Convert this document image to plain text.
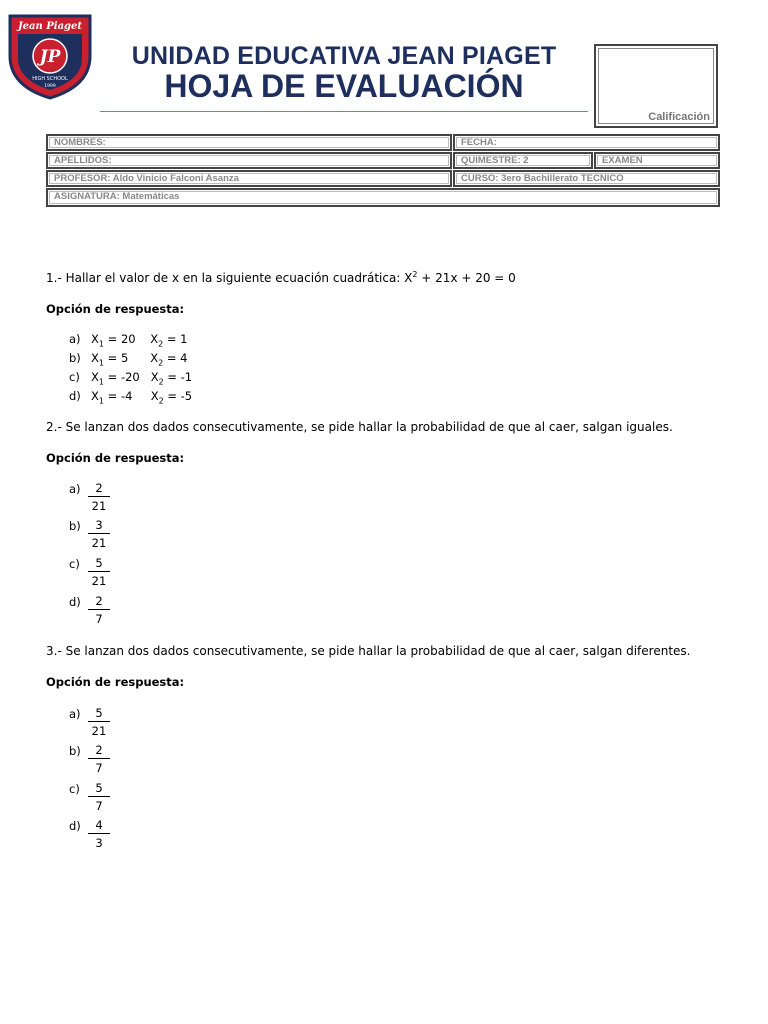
Jean Piaget
JP
HIGH SCHOOL
1999
UNIDAD EDUCATIVA JEAN PIAGET
HOJA DE EVALUACIÓN
Calificación
NOMBRES:	FECHA:
APELLIDOS:	QUIMESTRE: 2	EXAMEN
PROFESOR: Aldo Vinicio Falconi Asanza	CURSO: 3ero Bachillerato TECNICO
ASIGNATURA: Matemáticas
1.- Hallar el valor de x en la siguiente ecuación cuadrática: $X^2 + 21x + 20 = 0$
Opción de respuesta:
a) $X_1 = 20$ $X_2 = 1$
b) $X_1 = 5$ $X_2 = 4$
c) $X_1 = -20$ $X_2 = -1$
d) $X_1 = -4$ $X_2 = -5$
2.- Se lanzan dos dados consecutivamente, se pide hallar la probabilidad de que al caer, salgan iguales.
Opción de respuesta:
a)	2
21
b)	3
21
c)	5
21
d)	2
7
3.- Se lanzan dos dados consecutivamente, se pide hallar la probabilidad de que al caer, salgan diferentes.
Opción de respuesta:
a)	5
21
b)	2
7
c)	5
7
d)	4
3
